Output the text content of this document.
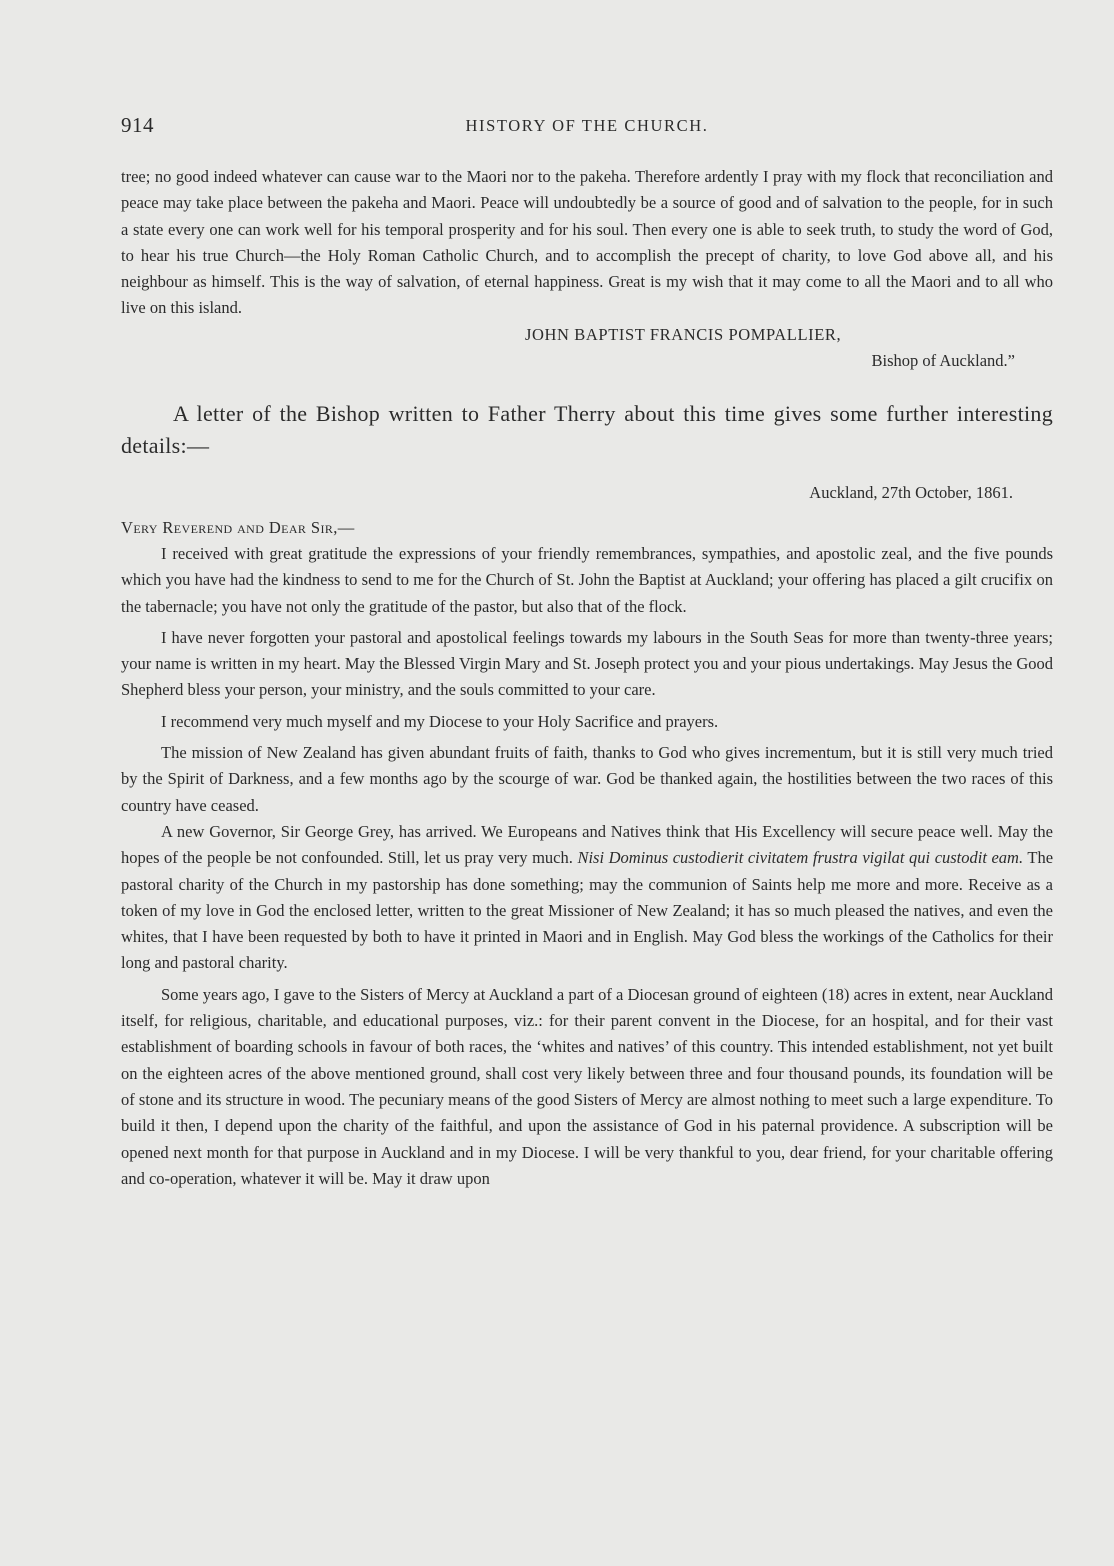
914	HISTORY OF THE CHURCH.

tree; no good indeed whatever can cause war to the Maori nor to the pakeha. Therefore ardently I pray with my flock that reconciliation and peace may take place between the pakeha and Maori. Peace will undoubtedly be a source of good and of salvation to the people, for in such a state every one can work well for his temporal prosperity and for his soul. Then every one is able to seek truth, to study the word of God, to hear his true Church—the Holy Roman Catholic Church, and to accomplish the precept of charity, to love God above all, and his neighbour as himself. This is the way of salvation, of eternal happiness. Great is my wish that it may come to all the Maori and to all who live on this island.

JOHN BAPTIST FRANCIS POMPALLIER,
Bishop of Auckland.”

A letter of the Bishop written to Father Therry about this time gives some further interesting details:—

Auckland, 27th October, 1861.

Very Reverend and Dear Sir,—

I received with great gratitude the expressions of your friendly remembrances, sympathies, and apostolic zeal, and the five pounds which you have had the kindness to send to me for the Church of St. John the Baptist at Auckland; your offering has placed a gilt crucifix on the tabernacle; you have not only the gratitude of the pastor, but also that of the flock.

I have never forgotten your pastoral and apostolical feelings towards my labours in the South Seas for more than twenty-three years; your name is written in my heart. May the Blessed Virgin Mary and St. Joseph protect you and your pious undertakings. May Jesus the Good Shepherd bless your person, your ministry, and the souls committed to your care.

I recommend very much myself and my Diocese to your Holy Sacrifice and prayers.

The mission of New Zealand has given abundant fruits of faith, thanks to God who gives incrementum, but it is still very much tried by the Spirit of Darkness, and a few months ago by the scourge of war. God be thanked again, the hostilities between the two races of this country have ceased.

A new Governor, Sir George Grey, has arrived. We Europeans and Natives think that His Excellency will secure peace well. May the hopes of the people be not confounded. Still, let us pray very much. Nisi Dominus custodierit civitatem frustra vigilat qui custodit eam. The pastoral charity of the Church in my pastorship has done something; may the communion of Saints help me more and more. Receive as a token of my love in God the enclosed letter, written to the great Missioner of New Zealand; it has so much pleased the natives, and even the whites, that I have been requested by both to have it printed in Maori and in English. May God bless the workings of the Catholics for their long and pastoral charity.

Some years ago, I gave to the Sisters of Mercy at Auckland a part of a Diocesan ground of eighteen (18) acres in extent, near Auckland itself, for religious, charitable, and educational purposes, viz.: for their parent convent in the Diocese, for an hospital, and for their vast establishment of boarding schools in favour of both races, the ‘whites and natives’ of this country. This intended establishment, not yet built on the eighteen acres of the above mentioned ground, shall cost very likely between three and four thousand pounds, its foundation will be of stone and its structure in wood. The pecuniary means of the good Sisters of Mercy are almost nothing to meet such a large expenditure. To build it then, I depend upon the charity of the faithful, and upon the assistance of God in his paternal providence. A subscription will be opened next month for that purpose in Auckland and in my Diocese. I will be very thankful to you, dear friend, for your charitable offering and co-operation, whatever it will be. May it draw upon
